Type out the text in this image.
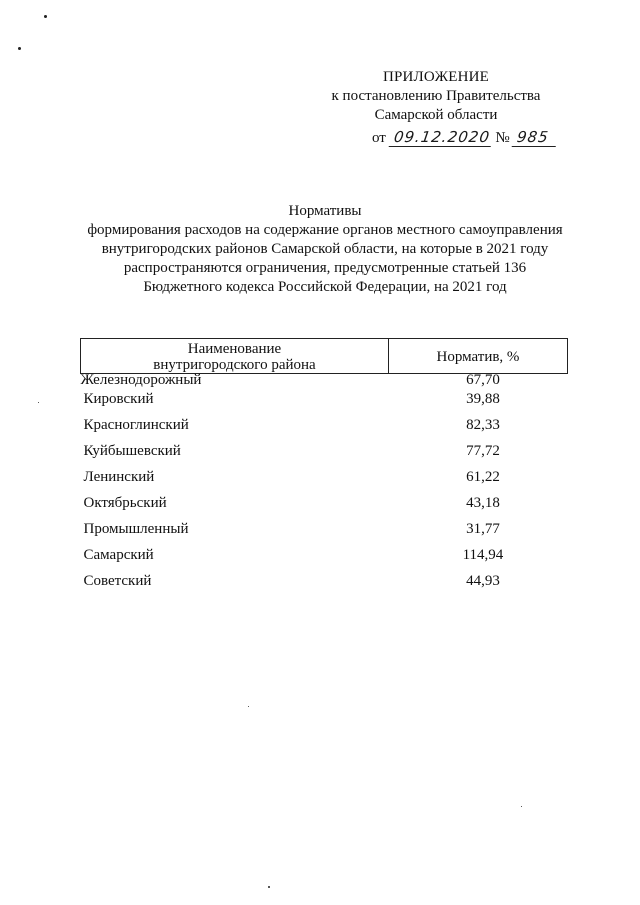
ПРИЛОЖЕНИЕ
к постановлению Правительства
Самарской области
от 09.12.2020 № 985
Нормативы
формирования расходов на содержание органов местного самоуправления
внутригородских районов Самарской области, на которые в 2021 году
распространяются ограничения, предусмотренные статьей 136
Бюджетного кодекса Российской Федерации, на 2021 год
Наименование
внутригородского района	Норматив, %
Железнодорожный	67,70
Кировский	39,88
Красноглинский	82,33
Куйбышевский	77,72
Ленинский	61,22
Октябрьский	43,18
Промышленный	31,77
Самарский	114,94
Советский	44,93
